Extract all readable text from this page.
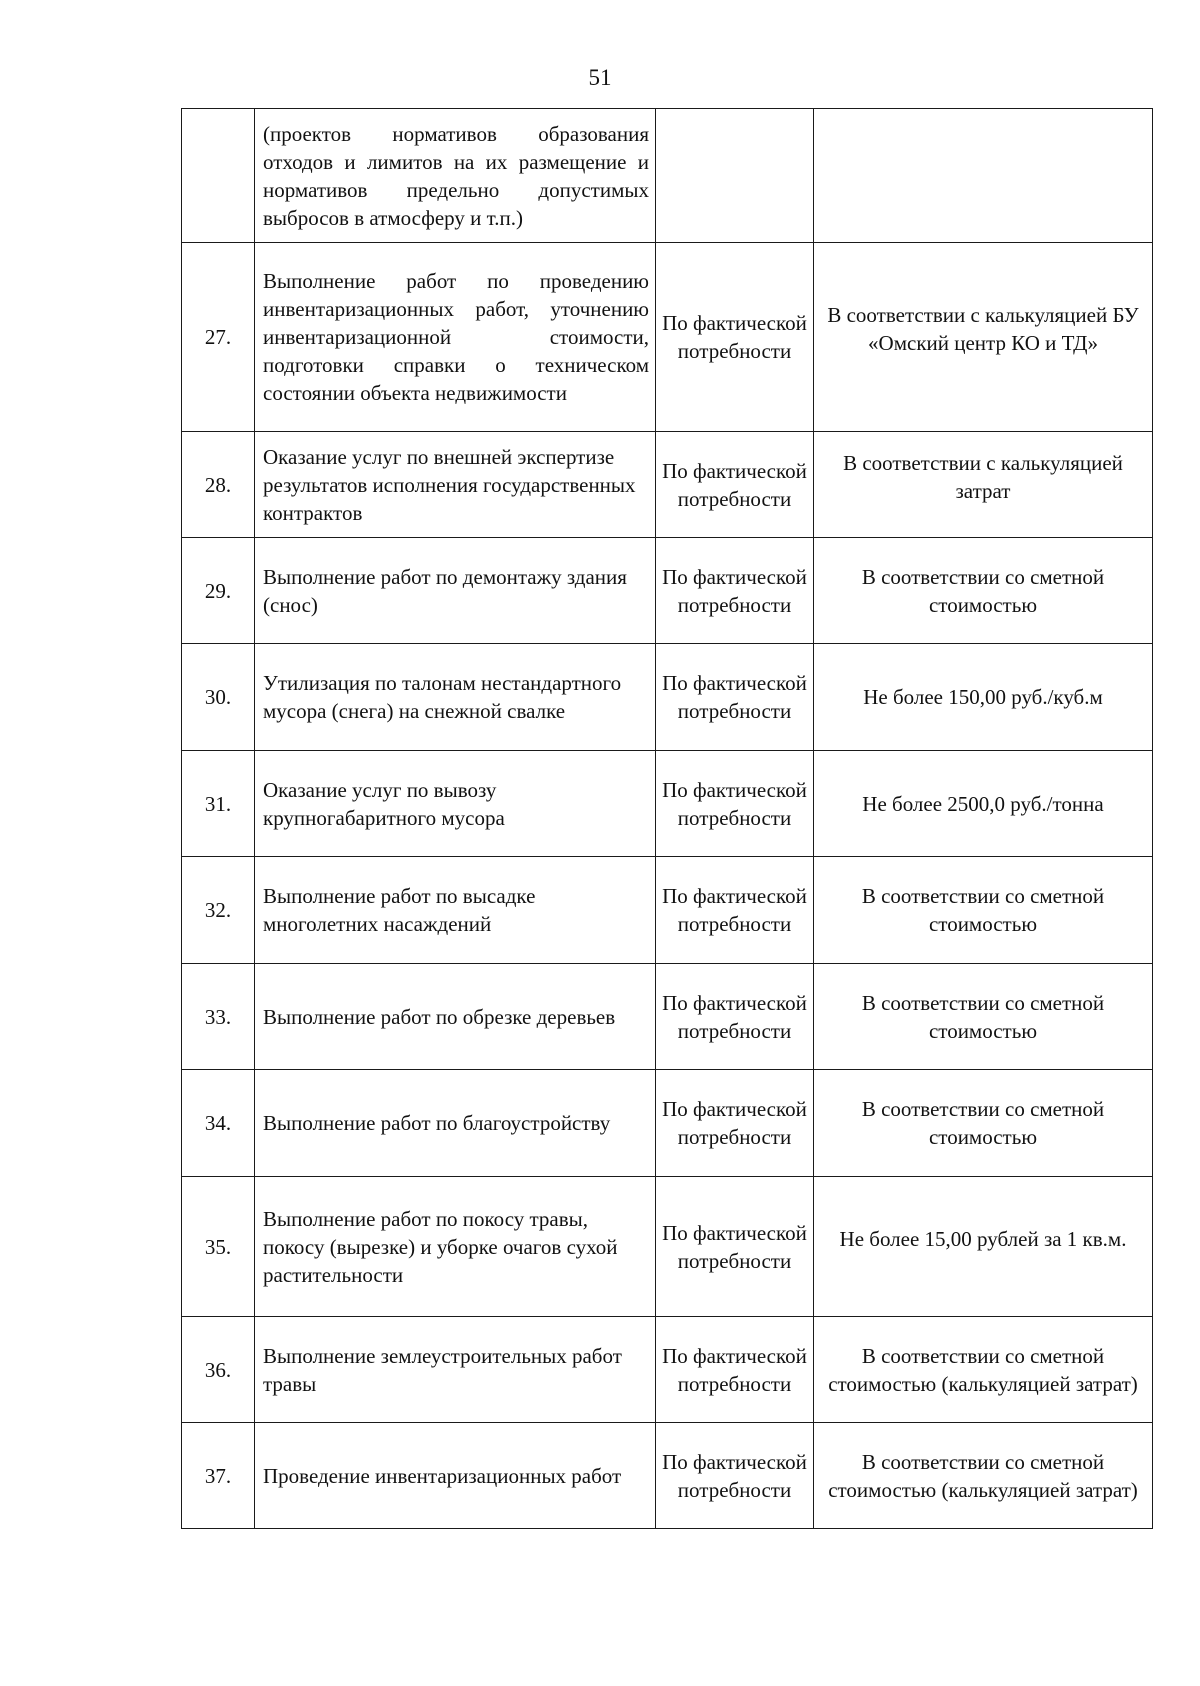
51

	(проектов нормативов образования отходов и лимитов на их размещение и нормативов предельно допустимых выбросов в атмосферу и т.п.)		

27.	Выполнение работ по проведению инвентаризационных работ, уточнению инвентаризационной стоимости, подготовки справки о техническом состоянии объекта недвижимости	По фактической потребности	В соответствии с калькуляцией БУ «Омский центр КО и ТД»

28.	Оказание услуг по внешней экспертизе результатов исполнения государственных контрактов	По фактической потребности	В соответствии с калькуляцией затрат

29.	Выполнение работ по демонтажу здания (снос)	По фактической потребности	В соответствии со сметной стоимостью
30.	Утилизация по талонам нестандартного мусора (снега) на снежной свалке	По фактической потребности	Не более 150,00 руб./куб.м
31.	Оказание услуг по вывозу крупногабаритного мусора	По фактической потребности	Не более 2500,0 руб./тонна
32.	Выполнение работ по высадке многолетних насаждений	По фактической потребности	В соответствии со сметной стоимостью
33.	Выполнение работ по обрезке деревьев	По фактической потребности	В соответствии со сметной стоимостью
34.	Выполнение работ по благоустройству	По фактической потребности	В соответствии со сметной стоимостью
35.	Выполнение работ по покосу травы, покосу (вырезке) и уборке очагов сухой растительности	По фактической потребности	Не более 15,00 рублей за 1 кв.м.

36.	Выполнение землеустроительных работ травы	По фактической потребности	В соответствии со сметной стоимостью (калькуляцией затрат)
37.	Проведение инвентаризационных работ	По фактической потребности	В соответствии со сметной стоимостью (калькуляцией затрат)
